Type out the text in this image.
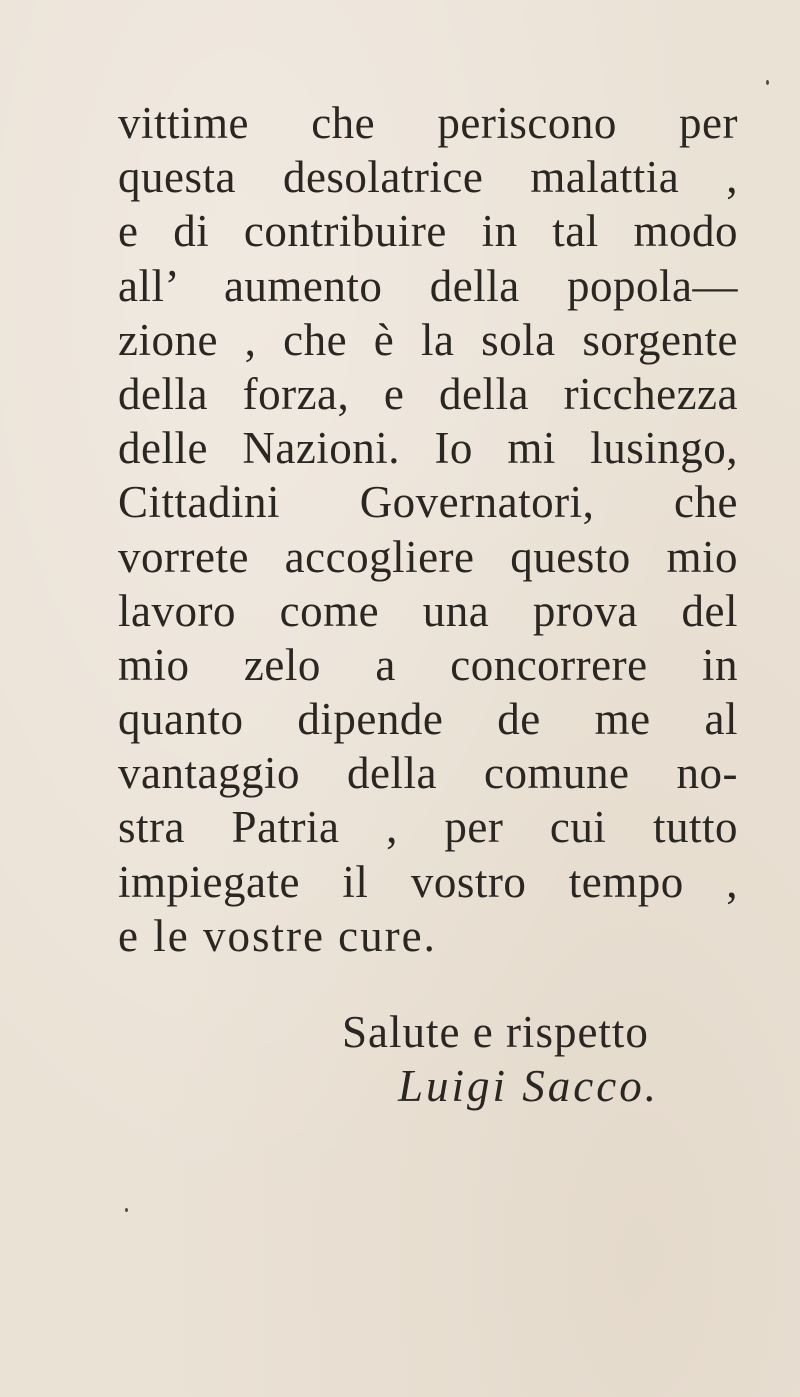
vittime che periscono per
questa desolatrice malattia ,
e di contribuire in tal modo
all’ aumento della popola—
zione , che è la sola sorgente
della forza, e della ricchezza
delle Nazioni. Io mi lusingo,
Cittadini Governatori, che
vorrete accogliere questo mio
lavoro come una prova del
mio zelo a concorrere in
quanto dipende de me al
vantaggio della comune no-
stra Patria , per cui tutto
impiegate il vostro tempo ,
e le vostre cure.
Salute e rispetto
Luigi Sacco.
